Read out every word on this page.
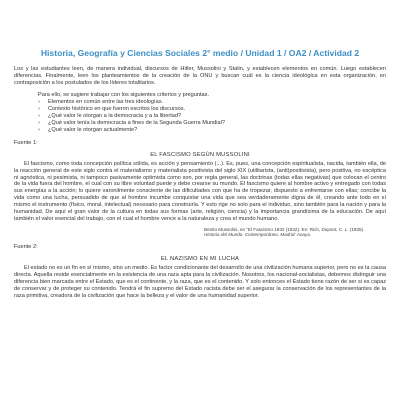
Historia, Geografía y Ciencias Sociales 2° medio / Unidad 1 / OA2 / Actividad 2

Los y las estudiantes leen, de manera individual, discursos de Hitler, Mussolini y Stalin, y establecen elementos en común. Luego establecen diferencias. Finalmente, leen los planteamientos de la creación de la ONU y buscan cuál es la ciencia ideológica en esta organización, en contraposición a los postulados de los líderes totalitarios.

Para ello, se sugiere trabajar con los siguientes criterios y preguntas.
›	Elementos en común entre las tres ideologías.
›	Contexto histórico en que fueron escritos los discursos.
›	¿Qué valor le otorgan a la democracia y a la libertad?
›	¿Qué valor tenía la democracia a fines de la Segunda Guerra Mundial?
›	¿Qué valor le otorgan actualmente?
Fuente 1:
EL FASCISMO SEGÚN MUSSOLINI

El fascismo, como toda concepción política sólida, es acción y pensamiento (...). Es, pues, una concepción espiritualista, nacida, también ella, de la reacción general de este siglo contra el materialismo y materialista positivista del siglo XIX (utilitarista, (anti)positivista), pero positiva, no escéptica ni agnóstica, ni pesimista, ni tampoco pasivamente optimista como son, por regla general, las doctrinas (todas ellas negativas) que colocan el centro de la vida fuera del hombre, el cual con su libre voluntad puede y debe crearse su mundo. El fascismo quiere al hombre activo y entregado con todas sus energías a la acción; lo quiere varonilmente consciente de las dificultades con que ha de tropezar, dispuesto a enfrentarse con ellas; concibe la vida como una lucha, persuadido de que al hombre incumbe conquistar una vida que sea verdaderamente digna de él, creando ante todo en sí mismo el instrumento (físico, moral, intelectual) necesario para construirla. Y esto rige no solo para el individuo, sino también para la nación y para la humanidad. De aquí el gran valor de la cultura en todas sus formas (arte, religión, ciencia) y la importancia grandísima de la educación. De aquí también el valor esencial del trabajo, con el cual el hombre vence a la naturaleza y crea el mundo humano.

Benito Mussolini, en “El Fascismo 1932 (1932). En: Rich, Dupont, C. L. (1935).
Historia del Mundo. Contemporáneo. Madrid: Anaya.
Fuente 2:
EL NAZISMO EN MI LUCHA

El estado no es un fin en sí mismo, sino un medio. Es factor condicionante del desarrollo de una civilización humana superior, pero no es la causa directa. Aquella reside esencialmente en la existencia de una raza apta para la civilización. Nosotros, los nacional-socialistas, debemos distinguir una diferencia bien marcada entre el Estado, que es el continente, y la raza, que es el contenido. Y solo entonces el Estado tiene razón de ser si es capaz de conservar y de proteger su contenido. Tendrá el fin supremo del Estado racista debe ser el asegurar la conservación de los representantes de la raza primitiva, creadora de la civilización que hace la belleza y el valor de una humanidad superior.
